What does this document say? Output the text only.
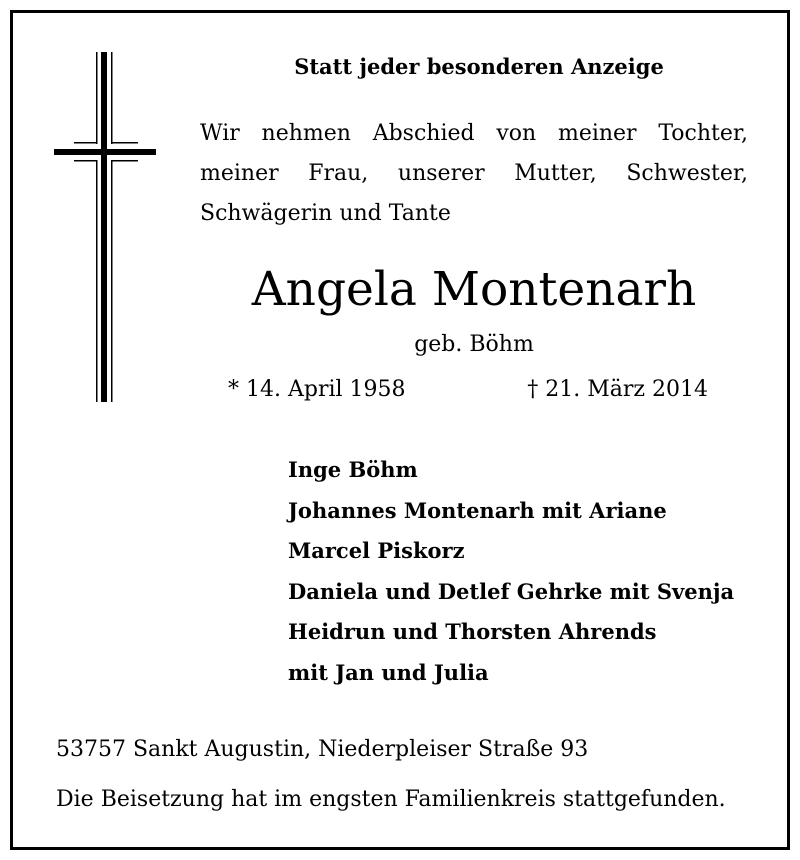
Statt jeder besonderen Anzeige
Wir nehmen Abschied von meiner Tochter,
meiner Frau, unserer Mutter, Schwester,
Schwägerin und Tante
Angela Montenarh
geb. Böhm
* 14. April 1958	† 21. März 2014
Inge Böhm
Johannes Montenarh mit Ariane
Marcel Piskorz
Daniela und Detlef Gehrke mit Svenja
Heidrun und Thorsten Ahrends
mit Jan und Julia
53757 Sankt Augustin, Niederpleiser Straße 93
Die Beisetzung hat im engsten Familienkreis stattgefunden.
